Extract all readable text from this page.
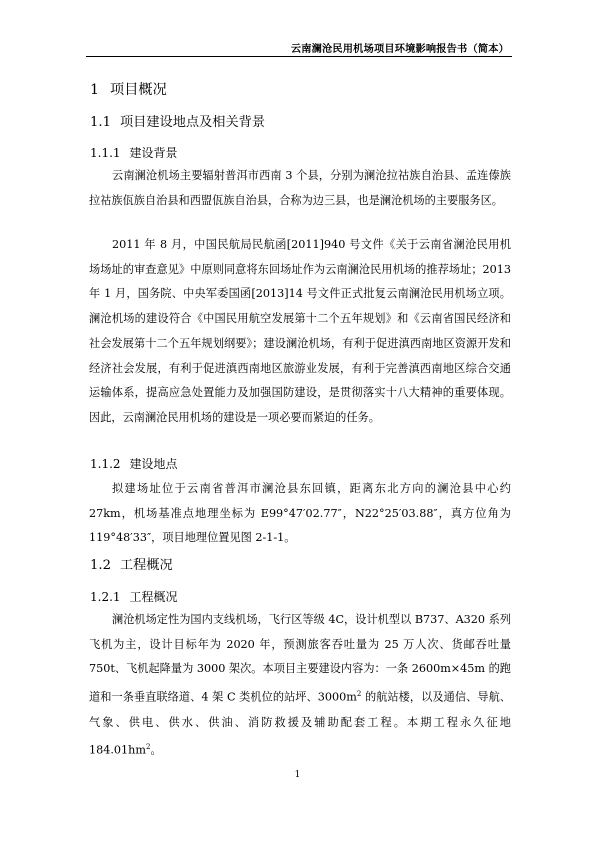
云南澜沧民用机场项目环境影响报告书（简本）
1 项目概况
1.1 项目建设地点及相关背景
1.1.1 建设背景

云南澜沧机场主要辐射普洱市西南 3 个县，分别为澜沧拉祜族自治县、孟连傣族拉祜族佤族自治县和西盟佤族自治县，合称为边三县，也是澜沧机场的主要服务区。

2011 年 8 月，中国民航局民航函[2011]940 号文件《关于云南省澜沧民用机场场址的审查意见》中原则同意将东回场址作为云南澜沧民用机场的推荐场址；2013 年 1 月，国务院、中央军委国函[2013]14 号文件正式批复云南澜沧民用机场立项。澜沧机场的建设符合《中国民用航空发展第十二个五年规划》和《云南省国民经济和社会发展第十二个五年规划纲要》；建设澜沧机场，有利于促进滇西南地区资源开发和经济社会发展，有利于促进滇西南地区旅游业发展，有利于完善滇西南地区综合交通运输体系，提高应急处置能力及加强国防建设，是贯彻落实十八大精神的重要体现。因此，云南澜沧民用机场的建设是一项必要而紧迫的任务。

1.1.2 建设地点

拟建场址位于云南省普洱市澜沧县东回镇，距离东北方向的澜沧县中心约 27km，机场基准点地理坐标为 E99°47′02.77″，N22°25′03.88″，真方位角为 119°48′33″，项目地理位置见图 2-1-1。

1.2 工程概况
1.2.1 工程概况

澜沧机场定性为国内支线机场，飞行区等级 4C，设计机型以 B737、A320 系列飞机为主，设计目标年为 2020 年，预测旅客吞吐量为 25 万人次、货邮吞吐量 750t、飞机起降量为 3000 架次。本项目主要建设内容为：一条 2600m×45m 的跑道和一条垂直联络道、4 架 C 类机位的站坪、$3000m^2$ 的航站楼，以及通信、导航、气象、供电、供水、供油、消防救援及辅助配套工程。本期工程永久征地 $184.01hm^2$。

1
